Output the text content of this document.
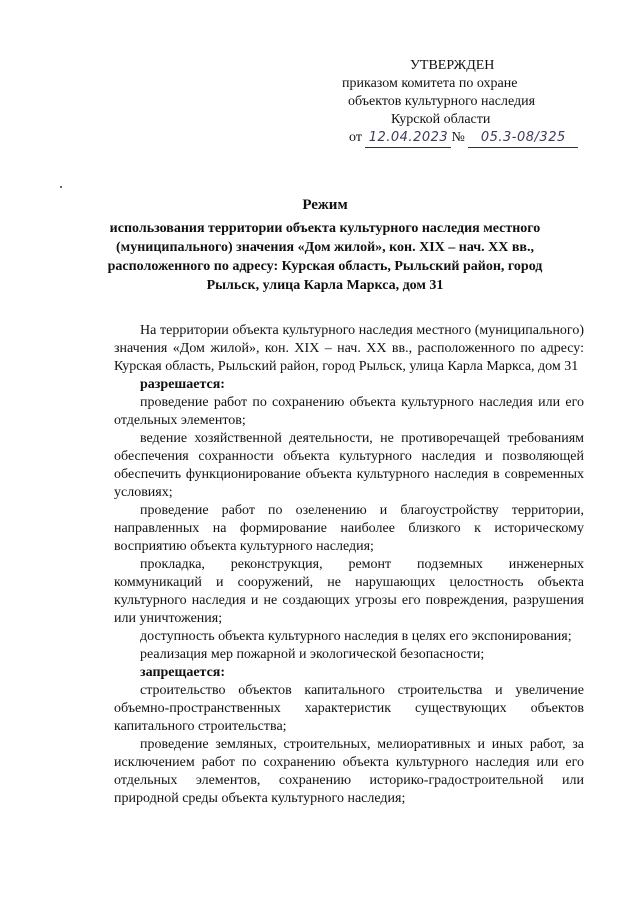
УТВЕРЖДЕН
приказом комитета по охране
объектов культурного наследия
Курской области
от 12.04.2023 № 05.3-08/325
Режим
использования территории объекта культурного наследия местного (муниципального) значения «Дом жилой», кон. XIX – нач. XX вв., расположенного по адресу: Курская область, Рыльский район, город Рыльск, улица Карла Маркса, дом 31
На территории объекта культурного наследия местного (муниципального) значения «Дом жилой», кон. XIX – нач. XX вв., расположенного по адресу: Курская область, Рыльский район, город Рыльск, улица Карла Маркса, дом 31
разрешается:
проведение работ по сохранению объекта культурного наследия или его отдельных элементов;
ведение хозяйственной деятельности, не противоречащей требованиям обеспечения сохранности объекта культурного наследия и позволяющей обеспечить функционирование объекта культурного наследия в современных условиях;
проведение работ по озеленению и благоустройству территории, направленных на формирование наиболее близкого к историческому восприятию объекта культурного наследия;
прокладка, реконструкция, ремонт подземных инженерных коммуникаций и сооружений, не нарушающих целостность объекта культурного наследия и не создающих угрозы его повреждения, разрушения или уничтожения;
доступность объекта культурного наследия в целях его экспонирования;
реализация мер пожарной и экологической безопасности;
запрещается:
строительство объектов капитального строительства и увеличение объемно-пространственных характеристик существующих объектов капитального строительства;
проведение земляных, строительных, мелиоративных и иных работ, за исключением работ по сохранению объекта культурного наследия или его отдельных элементов, сохранению историко-градостроительной или природной среды объекта культурного наследия;
